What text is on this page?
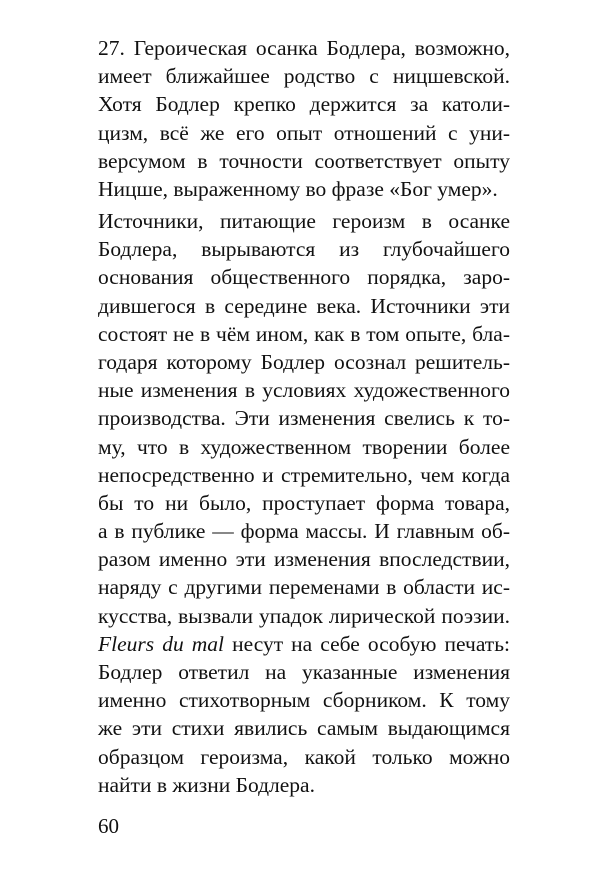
27. Героическая осанка Бодлера, возможно,
имеет ближайшее родство с ницшевской.
Хотя Бодлер крепко держится за католи-
цизм, всё же его опыт отношений с уни-
версумом в точности соответствует опыту
Ницше, выраженному во фразе «Бог умер».
Источники, питающие героизм в осанке
Бодлера, вырываются из глубочайшего
основания общественного порядка, заро-
дившегося в середине века. Источники эти
состоят не в чём ином, как в том опыте, бла-
годаря которому Бодлер осознал решитель-
ные изменения в условиях художественного
производства. Эти изменения свелись к то-
му, что в художественном творении более
непосредственно и стремительно, чем когда
бы то ни было, проступает форма товара,
а в публике — форма массы. И главным об-
разом именно эти изменения впоследствии,
наряду с другими переменами в области ис-
кусства, вызвали упадок лирической поэзии.
Fleurs du mal несут на себе особую печать:
Бодлер ответил на указанные изменения
именно стихотворным сборником. К тому
же эти стихи явились самым выдающимся
образцом героизма, какой только можно
найти в жизни Бодлера.
60
